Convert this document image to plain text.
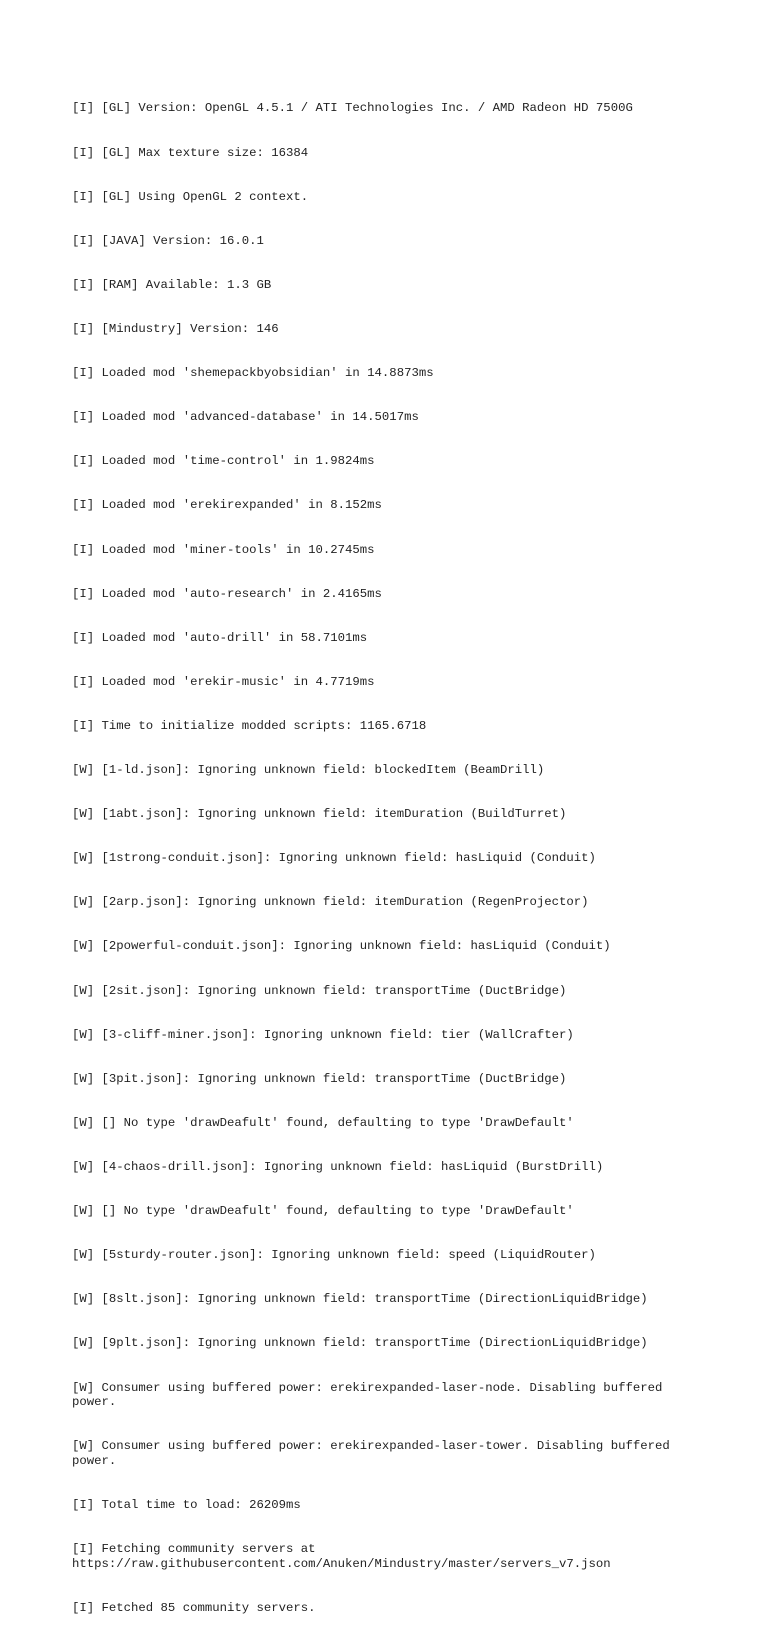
[I] [GL] Version: OpenGL 4.5.1 / ATI Technologies Inc. / AMD Radeon HD 7500G

[I] [GL] Max texture size: 16384

[I] [GL] Using OpenGL 2 context.

[I] [JAVA] Version: 16.0.1

[I] [RAM] Available: 1.3 GB

[I] [Mindustry] Version: 146

[I] Loaded mod 'shemepackbyobsidian' in 14.8873ms

[I] Loaded mod 'advanced-database' in 14.5017ms

[I] Loaded mod 'time-control' in 1.9824ms

[I] Loaded mod 'erekirexpanded' in 8.152ms

[I] Loaded mod 'miner-tools' in 10.2745ms

[I] Loaded mod 'auto-research' in 2.4165ms

[I] Loaded mod 'auto-drill' in 58.7101ms

[I] Loaded mod 'erekir-music' in 4.7719ms

[I] Time to initialize modded scripts: 1165.6718

[W] [1-ld.json]: Ignoring unknown field: blockedItem (BeamDrill)

[W] [1abt.json]: Ignoring unknown field: itemDuration (BuildTurret)

[W] [1strong-conduit.json]: Ignoring unknown field: hasLiquid (Conduit)

[W] [2arp.json]: Ignoring unknown field: itemDuration (RegenProjector)

[W] [2powerful-conduit.json]: Ignoring unknown field: hasLiquid (Conduit)

[W] [2sit.json]: Ignoring unknown field: transportTime (DuctBridge)

[W] [3-cliff-miner.json]: Ignoring unknown field: tier (WallCrafter)

[W] [3pit.json]: Ignoring unknown field: transportTime (DuctBridge)

[W] [] No type 'drawDeafult' found, defaulting to type 'DrawDefault'

[W] [4-chaos-drill.json]: Ignoring unknown field: hasLiquid (BurstDrill)

[W] [] No type 'drawDeafult' found, defaulting to type 'DrawDefault'

[W] [5sturdy-router.json]: Ignoring unknown field: speed (LiquidRouter)

[W] [8slt.json]: Ignoring unknown field: transportTime (DirectionLiquidBridge)

[W] [9plt.json]: Ignoring unknown field: transportTime (DirectionLiquidBridge)

[W] Consumer using buffered power: erekirexpanded-laser-node. Disabling buffered power.

[W] Consumer using buffered power: erekirexpanded-laser-tower. Disabling buffered power.

[I] Total time to load: 26209ms

[I] Fetching community servers at https://raw.githubusercontent.com/Anuken/Mindustry/master/servers_v7.json

[I] Fetched 85 community servers.
